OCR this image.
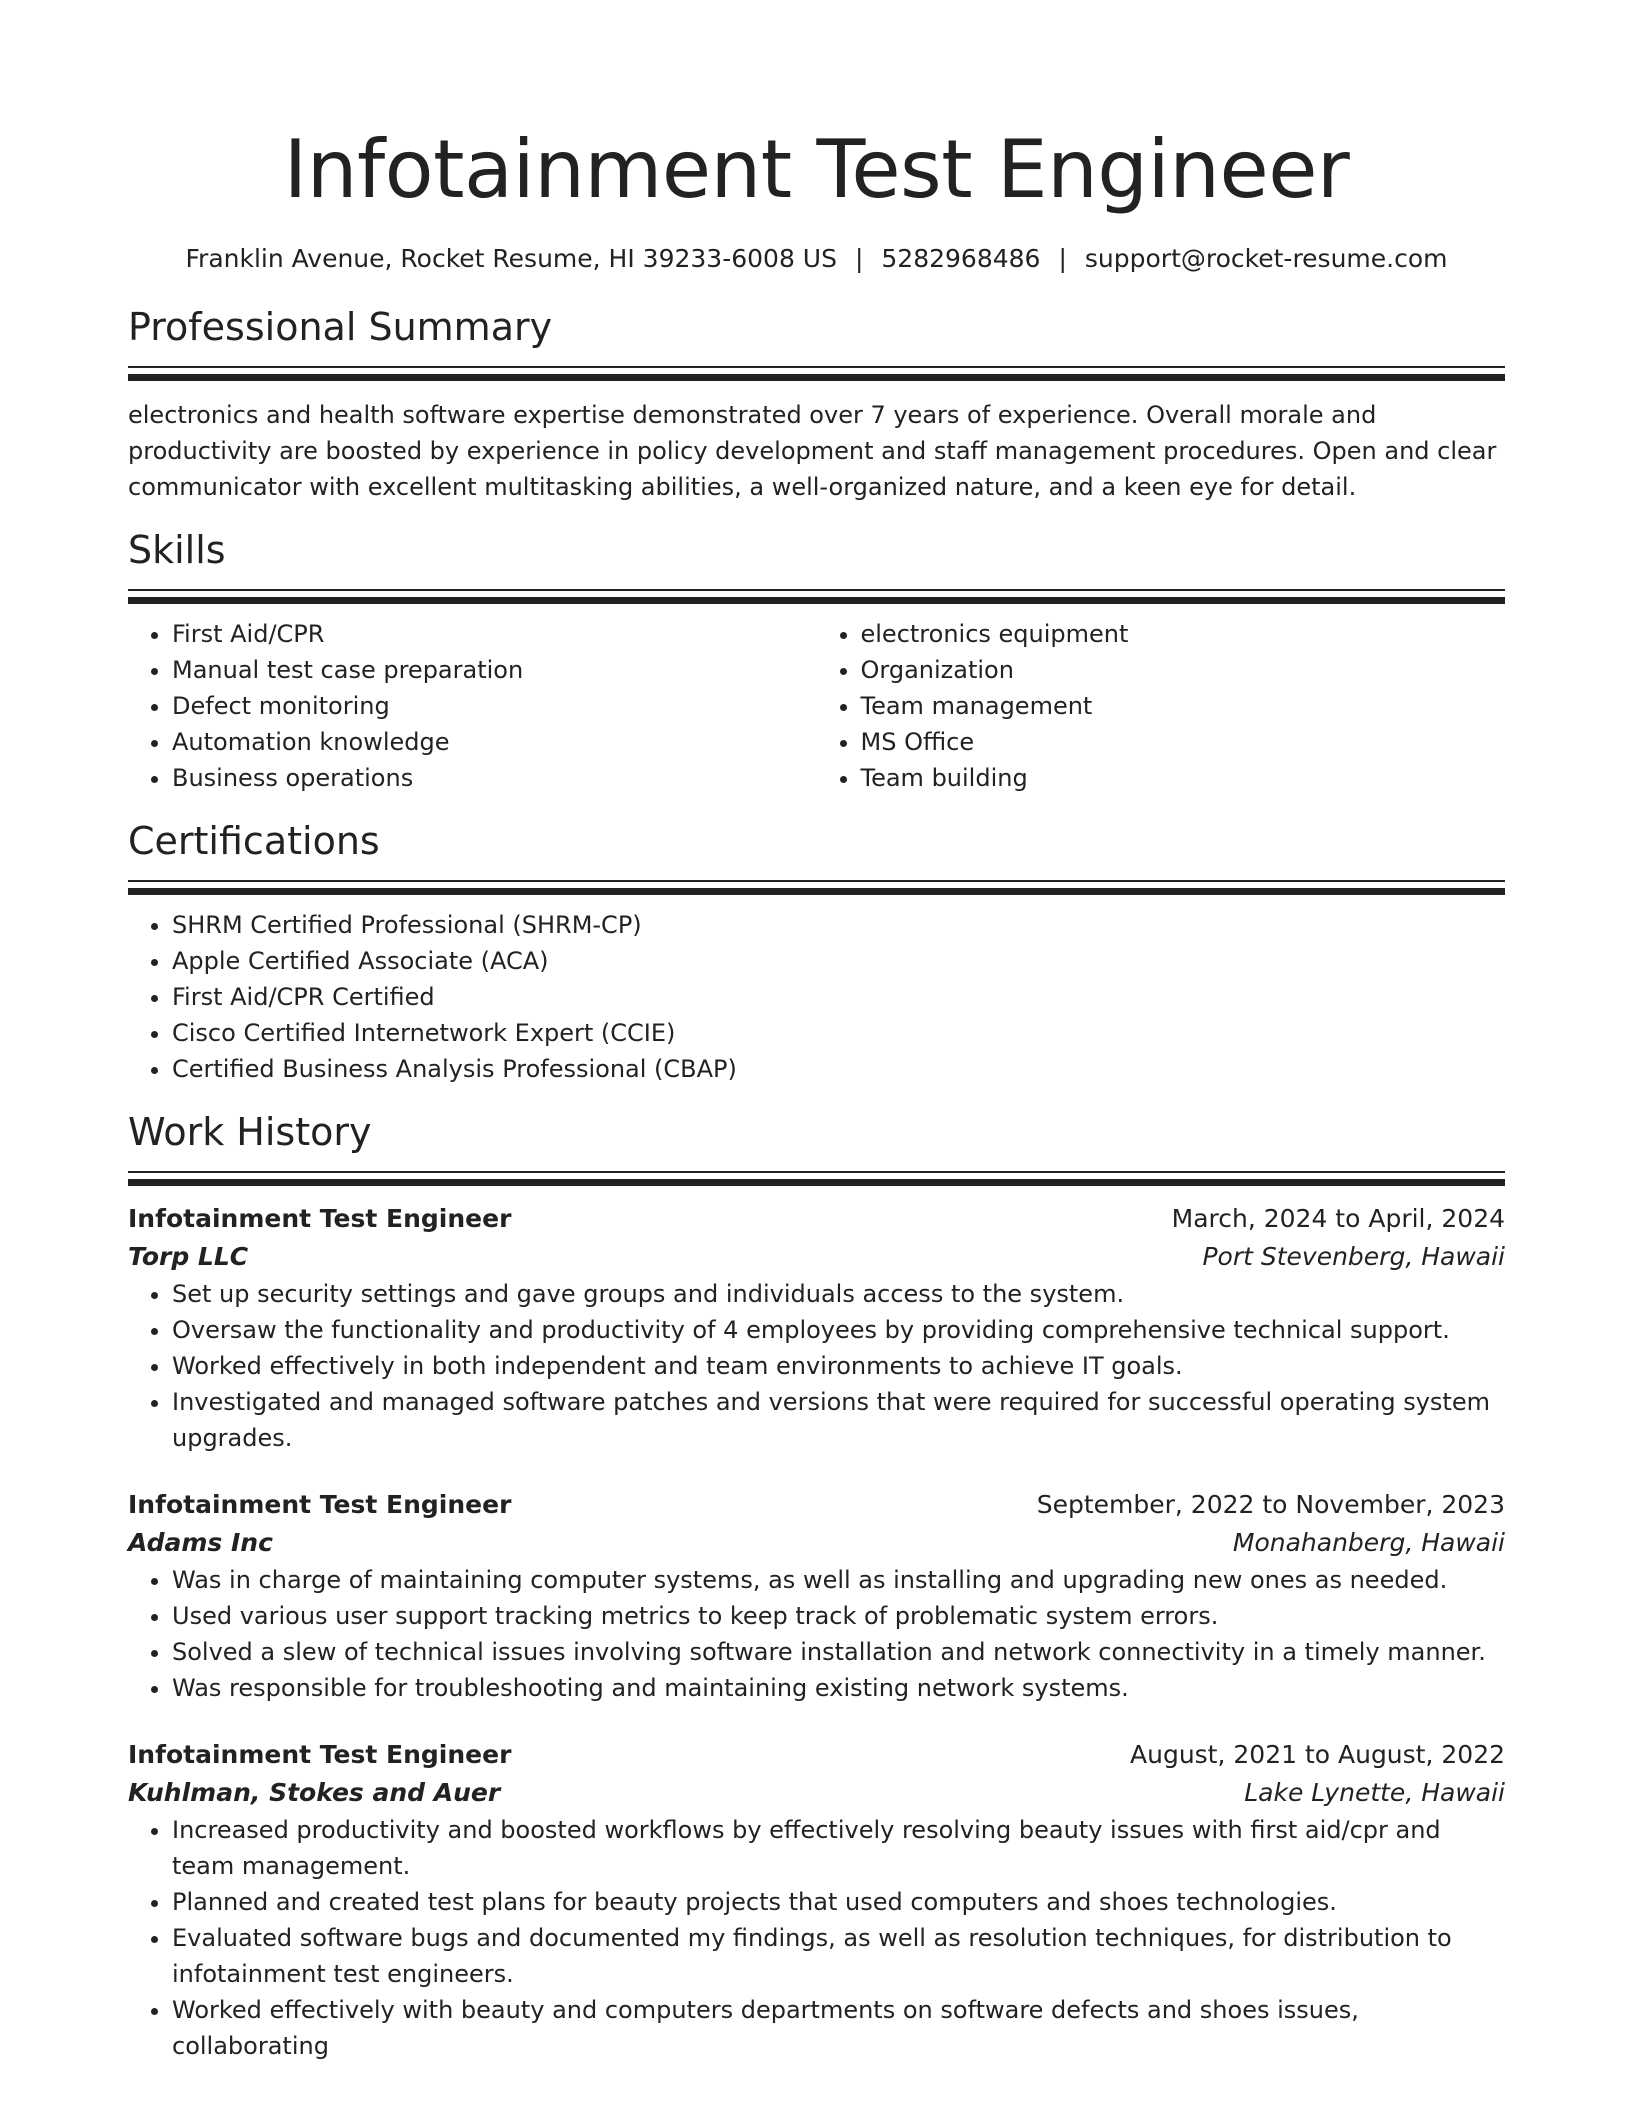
Infotainment Test Engineer
Franklin Avenue, Rocket Resume, HI 39233-6008 US | 5282968486 | support@rocket-resume.com
Professional Summary
electronics and health software expertise demonstrated over 7 years of experience. Overall morale and productivity are boosted by experience in policy development and staff management procedures. Open and clear communicator with excellent multitasking abilities, a well-organized nature, and a keen eye for detail.
Skills
• First Aid/CPR
• Manual test case preparation
• Defect monitoring
• Automation knowledge
• Business operations
• electronics equipment
• Organization
• Team management
• MS Office
• Team building
Certifications
• SHRM Certified Professional (SHRM-CP)
• Apple Certified Associate (ACA)
• First Aid/CPR Certified
• Cisco Certified Internetwork Expert (CCIE)
• Certified Business Analysis Professional (CBAP)
Work History
Infotainment Test Engineer	March, 2024 to April, 2024
Torp LLC	Port Stevenberg, Hawaii
• Set up security settings and gave groups and individuals access to the system.
• Oversaw the functionality and productivity of 4 employees by providing comprehensive technical support.
• Worked effectively in both independent and team environments to achieve IT goals.
• Investigated and managed software patches and versions that were required for successful operating system upgrades.
Infotainment Test Engineer	September, 2022 to November, 2023
Adams Inc	Monahanberg, Hawaii
• Was in charge of maintaining computer systems, as well as installing and upgrading new ones as needed.
• Used various user support tracking metrics to keep track of problematic system errors.
• Solved a slew of technical issues involving software installation and network connectivity in a timely manner.
• Was responsible for troubleshooting and maintaining existing network systems.
Infotainment Test Engineer	August, 2021 to August, 2022
Kuhlman, Stokes and Auer	Lake Lynette, Hawaii
• Increased productivity and boosted workflows by effectively resolving beauty issues with first aid/cpr and team management.
• Planned and created test plans for beauty projects that used computers and shoes technologies.
• Evaluated software bugs and documented my findings, as well as resolution techniques, for distribution to infotainment test engineers.
• Worked effectively with beauty and computers departments on software defects and shoes issues, collaborating
